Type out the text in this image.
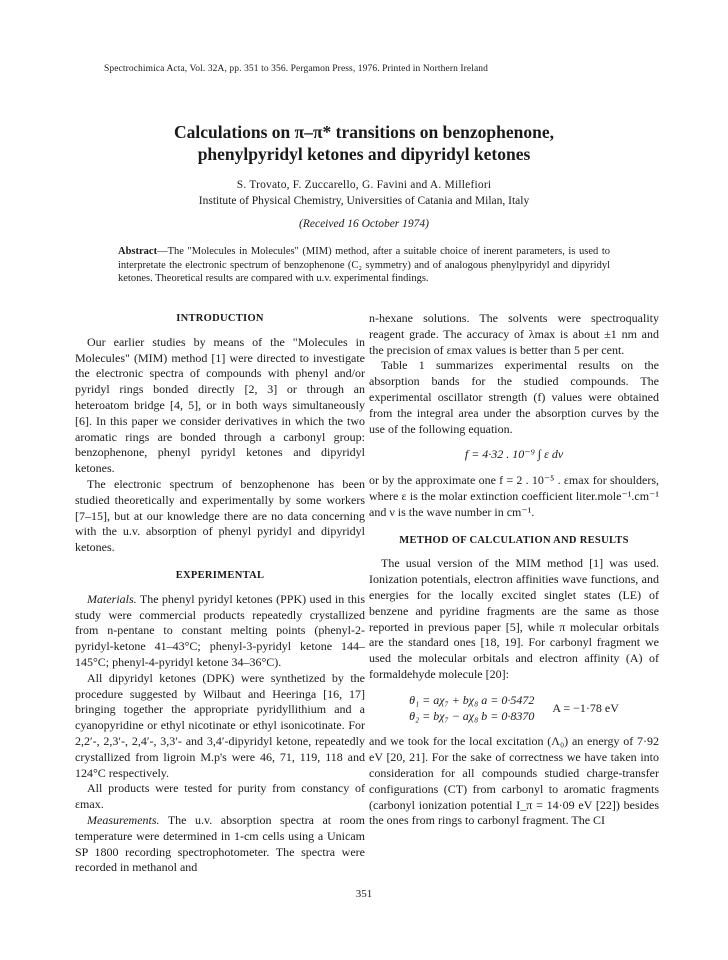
Spectrochimica Acta, Vol. 32A, pp. 351 to 356. Pergamon Press, 1976. Printed in Northern Ireland
Calculations on π–π* transitions on benzophenone,
phenylpyridyl ketones and dipyridyl ketones
S. Trovato, F. Zuccarello, G. Favini and A. Millefiori
Institute of Physical Chemistry, Universities of Catania and Milan, Italy
(Received 16 October 1974)
Abstract—The "Molecules in Molecules" (MIM) method, after a suitable choice of inerent parameters, is used to interpretate the electronic spectrum of benzophenone (C₂ symmetry) and of analogous phenylpyridyl and dipyridyl ketones. Theoretical results are compared with u.v. experimental findings.
INTRODUCTION

Our earlier studies by means of the "Molecules in Molecules" (MIM) method [1] were directed to investigate the electronic spectra of compounds with phenyl and/or pyridyl rings bonded directly [2, 3] or through an heteroatom bridge [4, 5], or in both ways simultaneously [6]. In this paper we consider derivatives in which the two aromatic rings are bonded through a carbonyl group: benzophenone, phenyl pyridyl ketones and dipyridyl ketones.

The electronic spectrum of benzophenone has been studied theoretically and experimentally by some workers [7–15], but at our knowledge there are no data concerning with the u.v. absorption of phenyl pyridyl and dipyridyl ketones.

EXPERIMENTAL

Materials. The phenyl pyridyl ketones (PPK) used in this study were commercial products repeatedly crystallized from n-pentane to constant melting points (phenyl-2-pyridyl-ketone 41–43°C; phenyl-3-pyridyl ketone 144–145°C; phenyl-4-pyridyl ketone 34–36°C).

All dipyridyl ketones (DPK) were synthetized by the procedure suggested by Wilbaut and Heeringa [16, 17] bringing together the appropriate pyridyllithium and a cyanopyridine or ethyl nicotinate or ethyl isonicotinate. For 2,2′-, 2,3′-, 2,4′-, 3,3′- and 3,4′-dipyridyl ketone, repeatedly crystallized from ligroin M.p's were 46, 71, 119, 118 and 124°C respectively.

All products were tested for purity from constancy of εmax.

Measurements. The u.v. absorption spectra at room temperature were determined in 1-cm cells using a Unicam SP 1800 recording spectrophotometer. The spectra were recorded in methanol and

n-hexane solutions. The solvents were spectroquality reagent grade. The accuracy of λmax is about ±1 nm and the precision of εmax values is better than 5 per cent.

Table 1 summarizes experimental results on the absorption bands for the studied compounds. The experimental oscillator strength (f) values were obtained from the integral area under the absorption curves by the use of the following equation.

f = 4·32 . 10⁻⁹ ∫ ε dν

or by the approximate one f = 2 . 10⁻⁵ . εmax for shoulders, where ε is the molar extinction coefficient liter.mole⁻¹.cm⁻¹ and ν is the wave number in cm⁻¹.

METHOD OF CALCULATION AND RESULTS

The usual version of the MIM method [1] was used. Ionization potentials, electron affinities wave functions, and energies for the locally excited singlet states (LE) of benzene and pyridine fragments are the same as those reported in previous paper [5], while π molecular orbitals are the standard ones [18, 19]. For carbonyl fragment we used the molecular orbitals and electron affinity (A) of formaldehyde molecule [20]:

θ₁ = aχ₇ + bχ₈ a = 0·5472
θ₂ = bχ₇ − aχ₈ b = 0·8370
A = −1·78 eV

and we took for the local excitation (Λ₀) an energy of 7·92 eV [20, 21]. For the sake of correctness we have taken into consideration for all compounds studied charge-transfer configurations (CT) from carbonyl to aromatic fragments (carbonyl ionization potential I_π = 14·09 eV [22]) besides the ones from rings to carbonyl fragment. The CI

351
